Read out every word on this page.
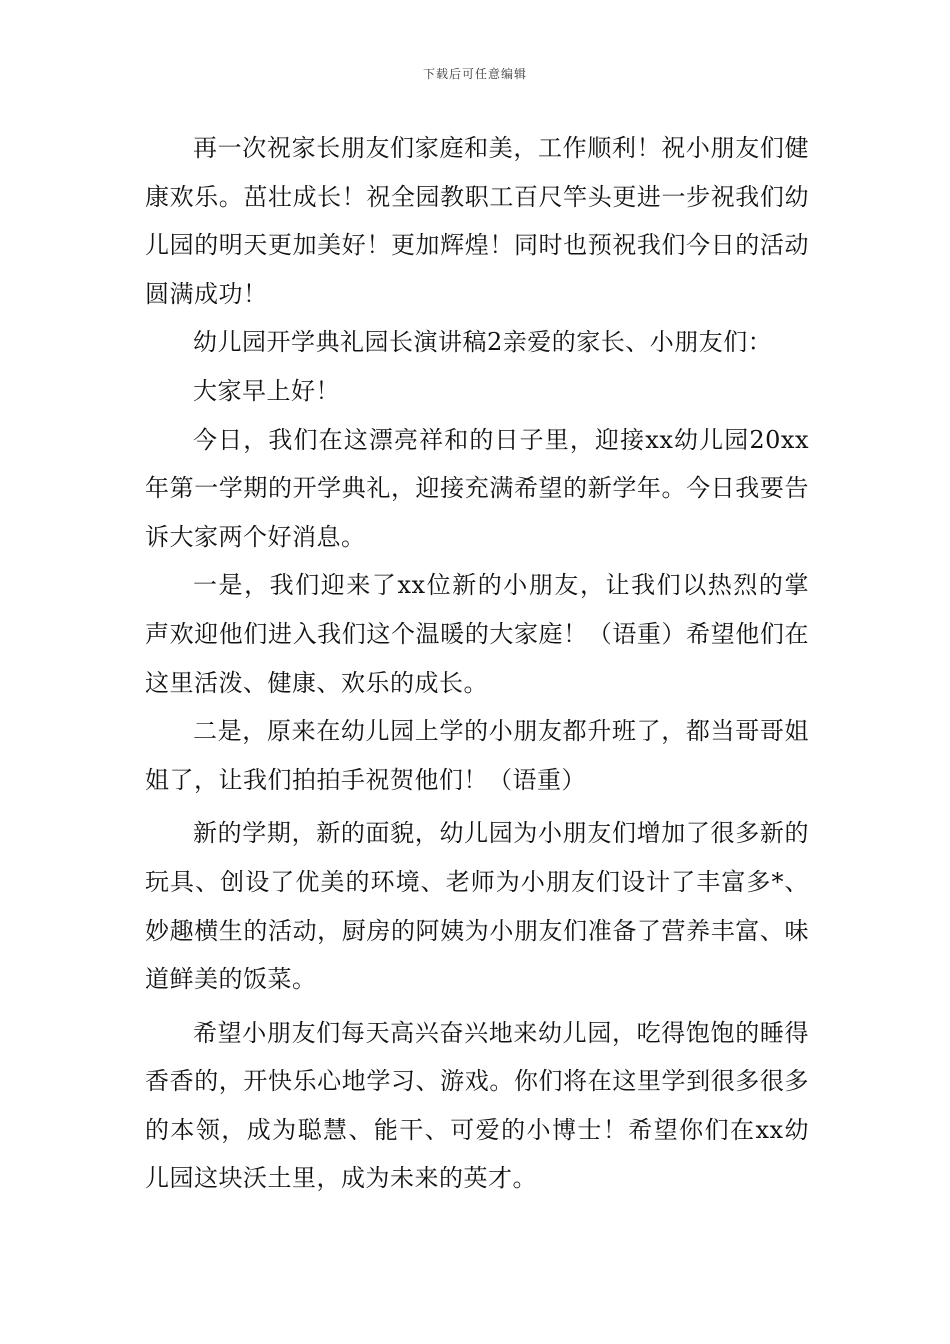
下载后可任意编辑

再一次祝家长朋友们家庭和美，工作顺利！祝小朋友们健康欢乐。茁壮成长！祝全园教职工百尺竿头更进一步祝我们幼儿园的明天更加美好！更加辉煌！同时也预祝我们今日的活动圆满成功！

幼儿园开学典礼园长演讲稿2亲爱的家长、小朋友们：

大家早上好！

今日，我们在这漂亮祥和的日子里，迎接xx幼儿园20xx年第一学期的开学典礼，迎接充满希望的新学年。今日我要告诉大家两个好消息。

一是，我们迎来了xx位新的小朋友，让我们以热烈的掌声欢迎他们进入我们这个温暖的大家庭！（语重）希望他们在这里活泼、健康、欢乐的成长。

二是，原来在幼儿园上学的小朋友都升班了，都当哥哥姐姐了，让我们拍拍手祝贺他们！（语重）

新的学期，新的面貌，幼儿园为小朋友们增加了很多新的玩具、创设了优美的环境、老师为小朋友们设计了丰富多*、妙趣横生的活动，厨房的阿姨为小朋友们准备了营养丰富、味道鲜美的饭菜。

希望小朋友们每天高兴奋兴地来幼儿园，吃得饱饱的睡得香香的，开快乐心地学习、游戏。你们将在这里学到很多很多的本领，成为聪慧、能干、可爱的小博士！希望你们在xx幼儿园这块沃土里，成为未来的英才。
